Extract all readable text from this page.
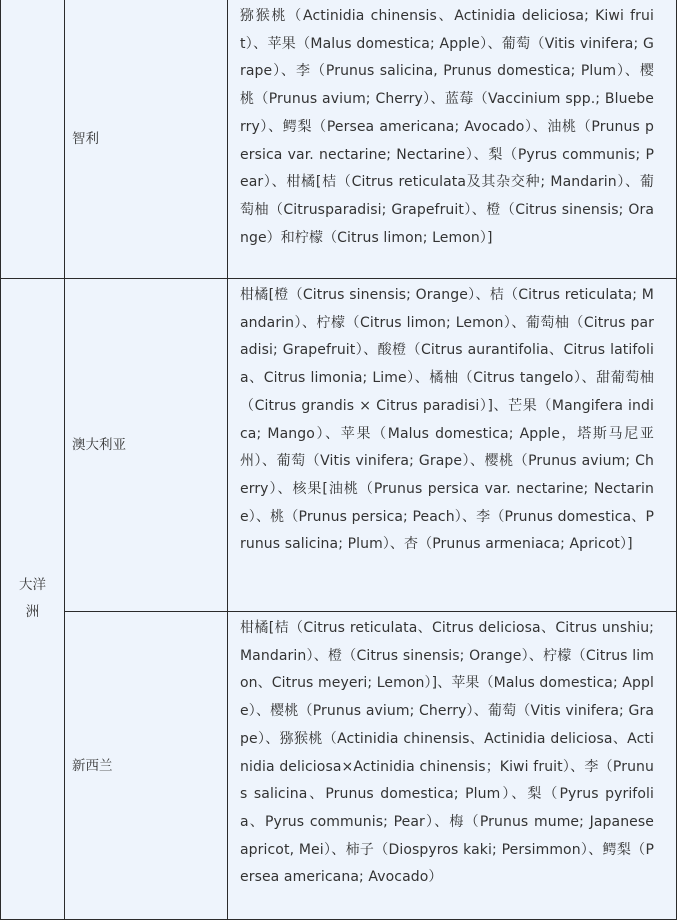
智利
猕猴桃（Actinidia chinensis、Actinidia deliciosa; Kiwi fruit）、苹果（Malus domestica; Apple）、葡萄（Vitis vinifera; Grape）、李（Prunus salicina, Prunus domestica; Plum）、樱桃（Prunus avium; Cherry）、蓝莓（Vaccinium spp.; Blueberry）、鳄梨（Persea americana; Avocado）、油桃（Prunus persica var. nectarine; Nectarine）、梨（Pyrus communis; Pear）、柑橘[桔（Citrus reticulata及其杂交种; Mandarin）、葡萄柚（Citrusparadisi; Grapefruit）、橙（Citrus sinensis; Orange）和柠檬（Citrus limon; Lemon）]
大洋洲
澳大利亚
柑橘[橙（Citrus sinensis; Orange）、桔（Citrus reticulata; Mandarin）、柠檬（Citrus limon; Lemon）、葡萄柚（Citrus paradisi; Grapefruit）、酸橙（Citrus aurantifolia、Citrus latifolia、Citrus limonia; Lime）、橘柚（Citrus tangelo）、甜葡萄柚（Citrus grandis × Citrus paradisi）]、芒果（Mangifera indica; Mango）、苹果（Malus domestica; Apple，塔斯马尼亚州）、葡萄（Vitis vinifera; Grape）、樱桃（Prunus avium; Cherry）、核果[油桃（Prunus persica var. nectarine; Nectarine）、桃（Prunus persica; Peach）、李（Prunus domestica、Prunus salicina; Plum）、杏（Prunus armeniaca; Apricot）]
新西兰
柑橘[桔（Citrus reticulata、Citrus deliciosa、Citrus unshiu; Mandarin）、橙（Citrus sinensis; Orange）、柠檬（Citrus limon、Citrus meyeri; Lemon）]、苹果（Malus domestica; Apple）、樱桃（Prunus avium; Cherry）、葡萄（Vitis vinifera; Grape）、猕猴桃（Actinidia chinensis、Actinidia deliciosa、Actinidia deliciosa×Actinidia chinensis；Kiwi fruit）、李（Prunus salicina、Prunus domestica; Plum）、梨（Pyrus pyrifolia、Pyrus communis; Pear）、梅（Prunus mume; Japanese apricot, Mei）、柿子（Diospyros kaki; Persimmon）、鳄梨（Persea americana; Avocado）
